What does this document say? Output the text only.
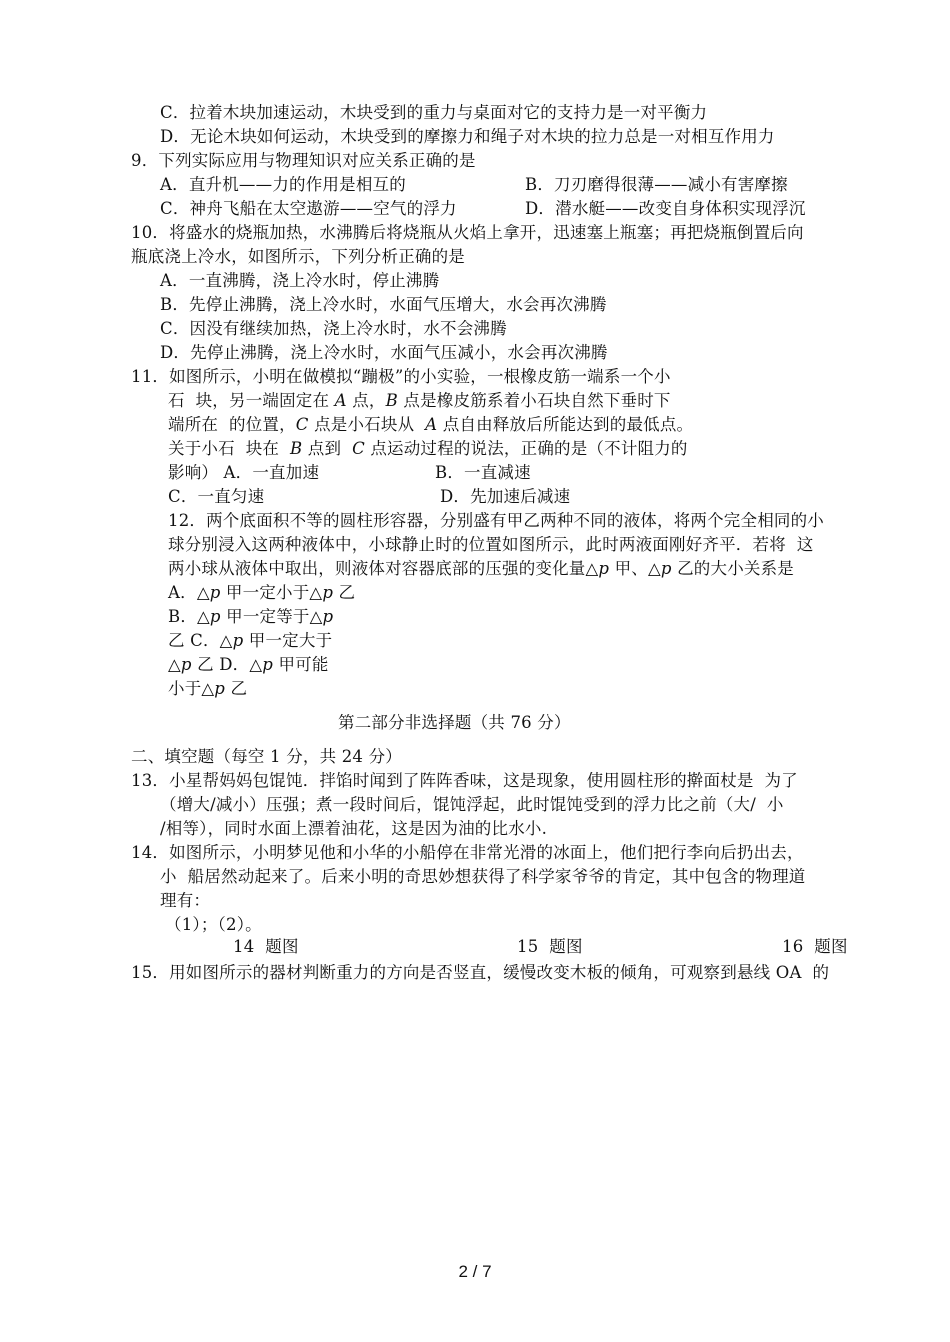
C．拉着木块加速运动，木块受到的重力与桌面对它的支持力是一对平衡力
D．无论木块如何运动，木块受到的摩擦力和绳子对木块的拉力总是一对相互作用力
9．下列实际应用与物理知识对应关系正确的是
A．直升机——力的作用是相互的	B．刀刃磨得很薄——减小有害摩擦
C．神舟飞船在太空遨游——空气的浮力	D．潜水艇——改变自身体积实现浮沉
10．将盛水的烧瓶加热，水沸腾后将烧瓶从火焰上拿开，迅速塞上瓶塞；再把烧瓶倒置后向
瓶底浇上冷水，如图所示，下列分析正确的是
A．一直沸腾，浇上冷水时，停止沸腾
B．先停止沸腾，浇上冷水时，水面气压增大，水会再次沸腾
C．因没有继续加热，浇上冷水时，水不会沸腾
D．先停止沸腾，浇上冷水时，水面气压减小，水会再次沸腾
11．如图所示，小明在做模拟“蹦极”的小实验，一根橡皮筋一端系一个小
石  块，另一端固定在 A 点，B 点是橡皮筋系着小石块自然下垂时下
端所在  的位置，C 点是小石块从  A 点自由释放后所能达到的最低点。
关于小石  块在  B 点到  C 点运动过程的说法，正确的是（不计阻力的
影响） A．一直加速	B．一直减速
C．一直匀速	D．先加速后减速
12．两个底面积不等的圆柱形容器，分别盛有甲乙两种不同的液体，将两个完全相同的小
球分别浸入这两种液体中，小球静止时的位置如图所示，此时两液面刚好齐平．若将  这
两小球从液体中取出，则液体对容器底部的压强的变化量△p 甲、△p 乙的大小关系是
A．△p 甲一定小于△p 乙
B．△p 甲一定等于△p
乙 C．△p 甲一定大于
△p 乙 D．△p 甲可能
小于△p 乙
第二部分非选择题（共 76 分）
二、填空题（每空 1 分，共 24 分）
13．小星帮妈妈包馄饨．拌馅时闻到了阵阵香味，这是现象，使用圆柱形的擀面杖是  为了
（增大/减小）压强；煮一段时间后，馄饨浮起，此时馄饨受到的浮力比之前（大/  小
/相等），同时水面上漂着油花，这是因为油的比水小.
14．如图所示，小明梦见他和小华的小船停在非常光滑的冰面上，他们把行李向后扔出去，
小  船居然动起来了。后来小明的奇思妙想获得了科学家爷爷的肯定，其中包含的物理道
理有：
（1）；（2）。
14  题图	15  题图	16  题图
15．用如图所示的器材判断重力的方向是否竖直，缓慢改变木板的倾角，可观察到悬线 OA  的
2 / 7
